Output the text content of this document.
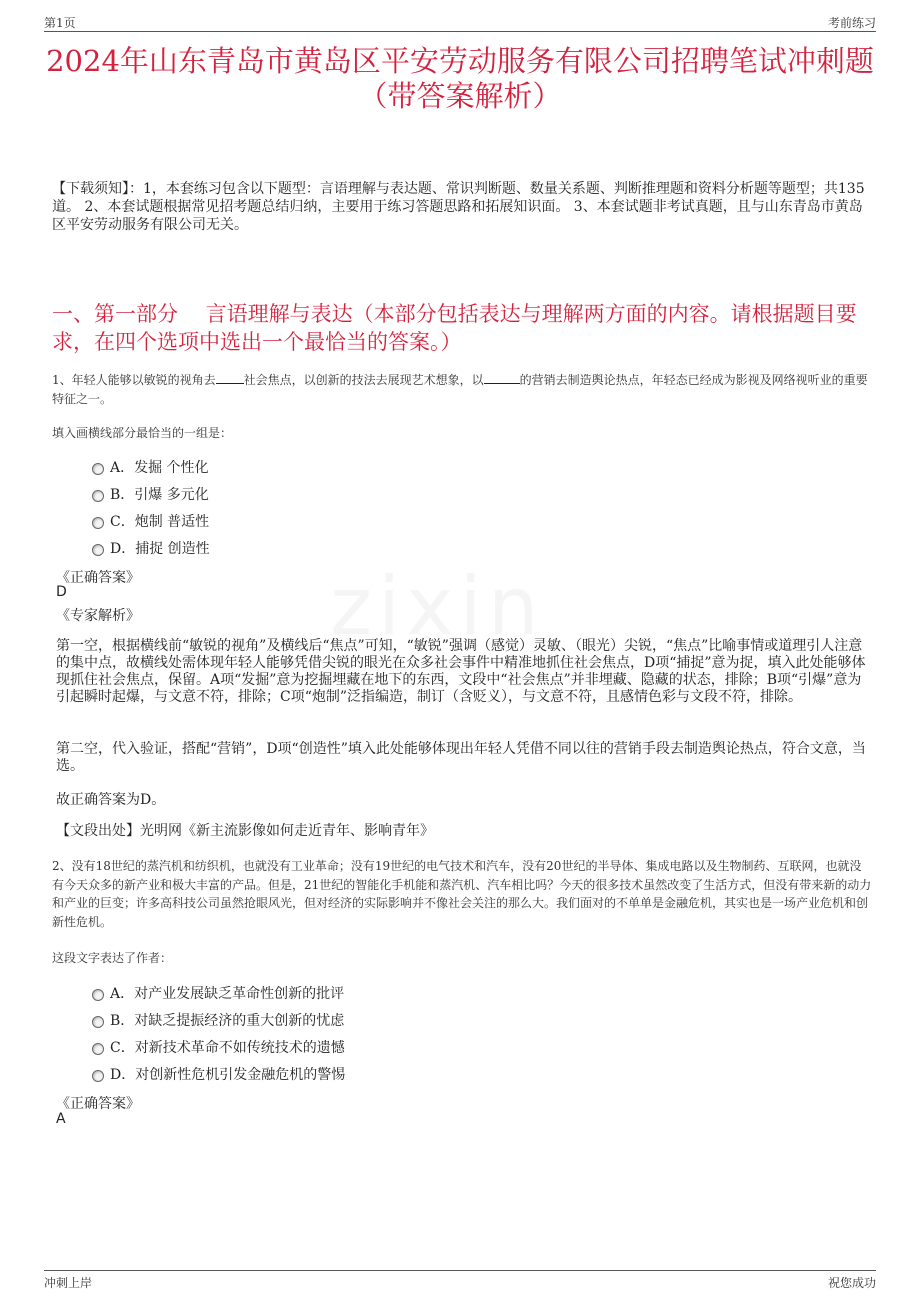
第1页	考前练习
2024年山东青岛市黄岛区平安劳动服务有限公司招聘笔试冲刺题（带答案解析）
【下载须知】：1，本套练习包含以下题型：言语理解与表达题、常识判断题、数量关系题、判断推理题和资料分析题等题型；共135道。 2、本套试题根据常见招考题总结归纳，主要用于练习答题思路和拓展知识面。 3、本套试题非考试真题，且与山东青岛市黄岛区平安劳动服务有限公司无关。
一、第一部分　 言语理解与表达（本部分包括表达与理解两方面的内容。请根据题目要求，在四个选项中选出一个最恰当的答案。）
zixin
1、年轻人能够以敏锐的视角去 社会焦点，以创新的技法去展现艺术想象，以	的营销去制造舆论热点，年轻态已经成为影视及网络视听业的重要特征之一。
填入画横线部分最恰当的一组是：
A．发掘 个性化
B．引爆 多元化
C．炮制 普适性
D．捕捉 创造性
《正确答案》
D
《专家解析》
第一空，根据横线前“敏锐的视角”及横线后“焦点”可知，“敏锐”强调（感觉）灵敏、（眼光）尖锐，“焦点”比喻事情或道理引人注意的集中点，故横线处需体现年轻人能够凭借尖锐的眼光在众多社会事件中精准地抓住社会焦点，D项“捕捉”意为捉，填入此处能够体现抓住社会焦点，保留。A项“发掘”意为挖掘埋藏在地下的东西，文段中“社会焦点”并非埋藏、隐藏的状态，排除；B项“引爆”意为引起瞬时起爆，与文意不符，排除；C项“炮制”泛指编造，制订（含贬义），与文意不符，且感情色彩与文段不符，排除。
第二空，代入验证，搭配“营销”，D项“创造性”填入此处能够体现出年轻人凭借不同以往的营销手段去制造舆论热点，符合文意，当选。
故正确答案为D。
【文段出处】光明网《新主流影像如何走近青年、影响青年》
2、没有18世纪的蒸汽机和纺织机，也就没有工业革命；没有19世纪的电气技术和汽车，没有20世纪的半导体、集成电路以及生物制药、互联网，也就没有今天众多的新产业和极大丰富的产品。但是，21世纪的智能化手机能和蒸汽机、汽车相比吗？今天的很多技术虽然改变了生活方式，但没有带来新的动力和产业的巨变；许多高科技公司虽然抢眼风光，但对经济的实际影响并不像社会关注的那么大。我们面对的不单单是金融危机，其实也是一场产业危机和创新性危机。
这段文字表达了作者：
A．对产业发展缺乏革命性创新的批评
B．对缺乏提振经济的重大创新的忧虑
C．对新技术革命不如传统技术的遗憾
D．对创新性危机引发金融危机的警惕
《正确答案》
A
冲刺上岸	祝您成功
